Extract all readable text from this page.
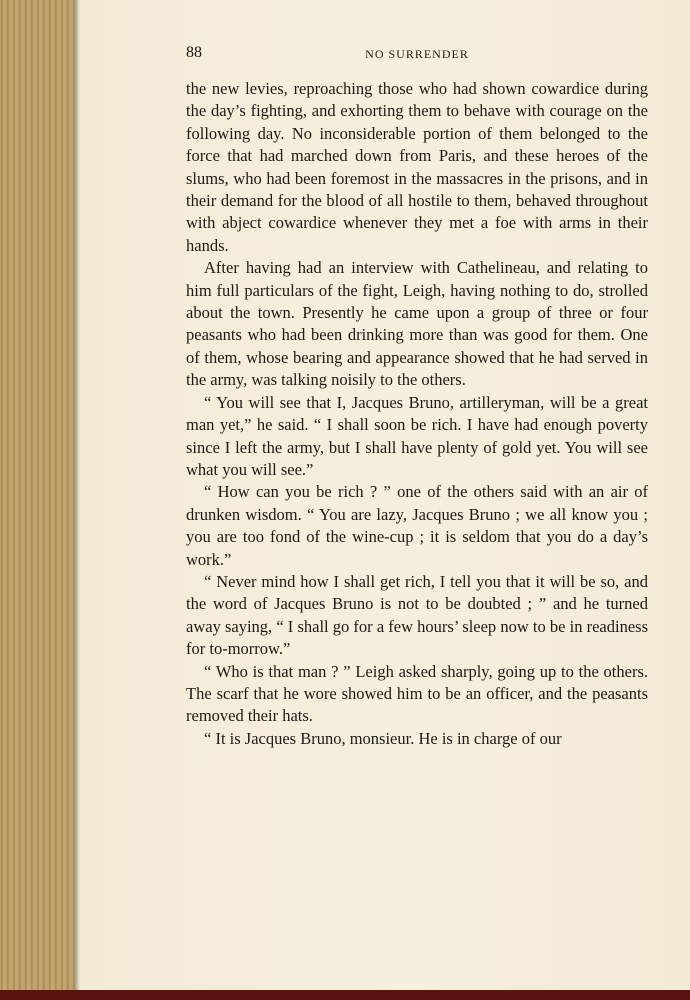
88	NO SURRENDER

the new levies, reproaching those who had shown cowardice during the day’s fighting, and exhorting them to behave with courage on the following day. No inconsiderable portion of them belonged to the force that had marched down from Paris, and these heroes of the slums, who had been foremost in the massacres in the prisons, and in their demand for the blood of all hostile to them, behaved throughout with abject cowardice whenever they met a foe with arms in their hands.

After having had an interview with Cathelineau, and relating to him full particulars of the fight, Leigh, having nothing to do, strolled about the town. Presently he came upon a group of three or four peasants who had been drinking more than was good for them. One of them, whose bearing and appearance showed that he had served in the army, was talking noisily to the others.

“ You will see that I, Jacques Bruno, artilleryman, will be a great man yet,” he said. “ I shall soon be rich. I have had enough poverty since I left the army, but I shall have plenty of gold yet. You will see what you will see.”

“ How can you be rich ? ” one of the others said with an air of drunken wisdom. “ You are lazy, Jacques Bruno ; we all know you ; you are too fond of the wine-cup ; it is seldom that you do a day’s work.”

“ Never mind how I shall get rich, I tell you that it will be so, and the word of Jacques Bruno is not to be doubted ; ” and he turned away saying, “ I shall go for a few hours’ sleep now to be in readiness for to-morrow.”

“ Who is that man ? ” Leigh asked sharply, going up to the others. The scarf that he wore showed him to be an officer, and the peasants removed their hats.

“ It is Jacques Bruno, monsieur. He is in charge of our
